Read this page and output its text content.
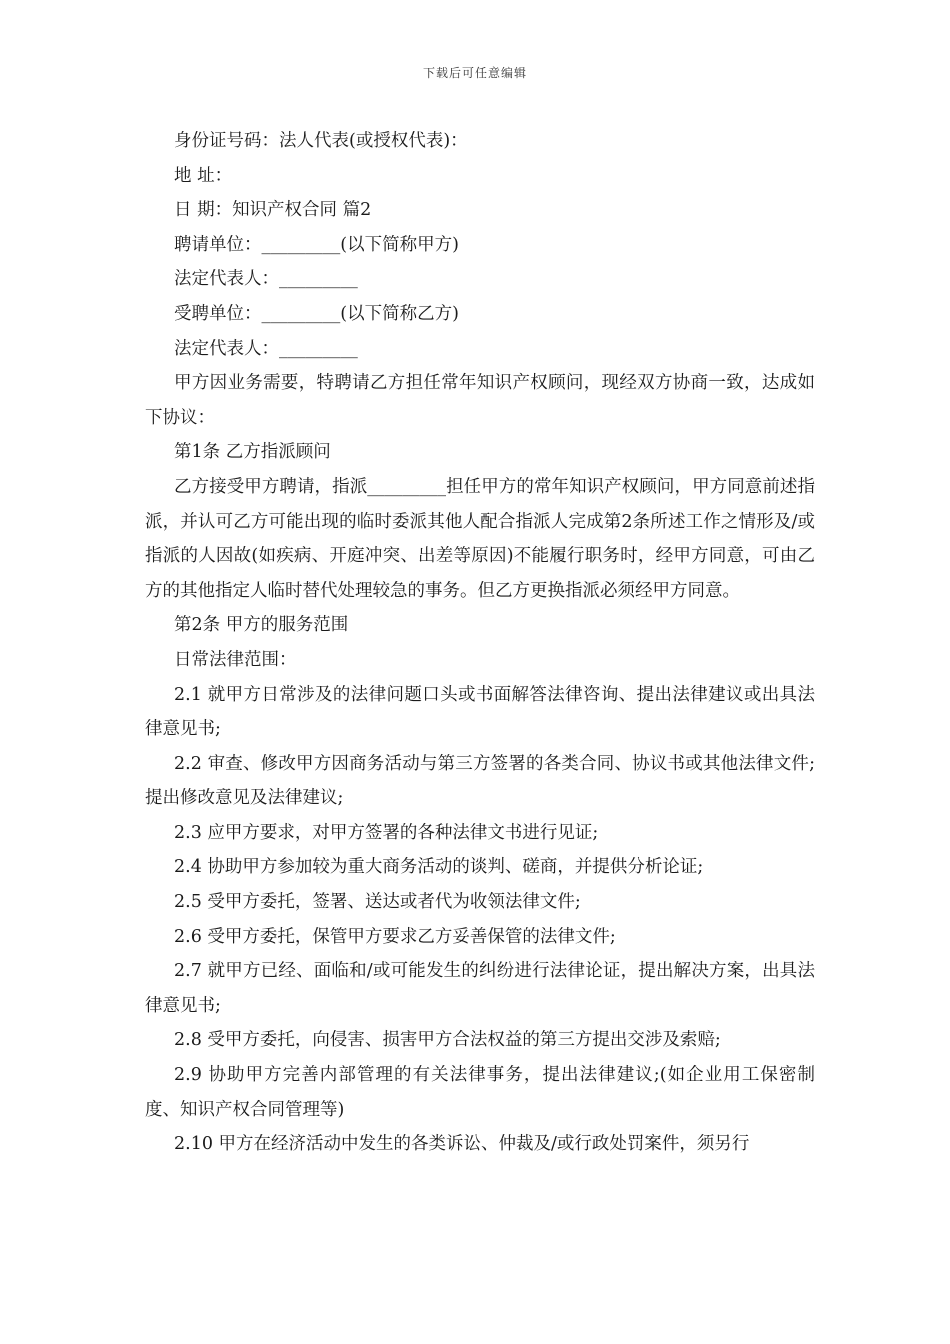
下载后可任意编辑

身份证号码：法人代表(或授权代表)：

地 址：

日 期：知识产权合同 篇2

聘请单位：_________(以下简称甲方)

法定代表人：_________

受聘单位：_________(以下简称乙方)

法定代表人：_________

甲方因业务需要，特聘请乙方担任常年知识产权顾问，现经双方协商一致，达成如下协议：

第1条 乙方指派顾问

乙方接受甲方聘请，指派_________担任甲方的常年知识产权顾问，甲方同意前述指派，并认可乙方可能出现的临时委派其他人配合指派人完成第2条所述工作之情形及/或指派的人因故(如疾病、开庭冲突、出差等原因)不能履行职务时，经甲方同意，可由乙方的其他指定人临时替代处理较急的事务。但乙方更换指派必须经甲方同意。

第2条 甲方的服务范围

日常法律范围：

2.1 就甲方日常涉及的法律问题口头或书面解答法律咨询、提出法律建议或出具法律意见书;

2.2 审查、修改甲方因商务活动与第三方签署的各类合同、协议书或其他法律文件;提出修改意见及法律建议;

2.3 应甲方要求，对甲方签署的各种法律文书进行见证;

2.4 协助甲方参加较为重大商务活动的谈判、磋商，并提供分析论证;

2.5 受甲方委托，签署、送达或者代为收领法律文件;

2.6 受甲方委托，保管甲方要求乙方妥善保管的法律文件;

2.7 就甲方已经、面临和/或可能发生的纠纷进行法律论证，提出解决方案，出具法律意见书;

2.8 受甲方委托，向侵害、损害甲方合法权益的第三方提出交涉及索赔;

2.9 协助甲方完善内部管理的有关法律事务，提出法律建议;(如企业用工保密制度、知识产权合同管理等)

2.10 甲方在经济活动中发生的各类诉讼、仲裁及/或行政处罚案件，须另行
